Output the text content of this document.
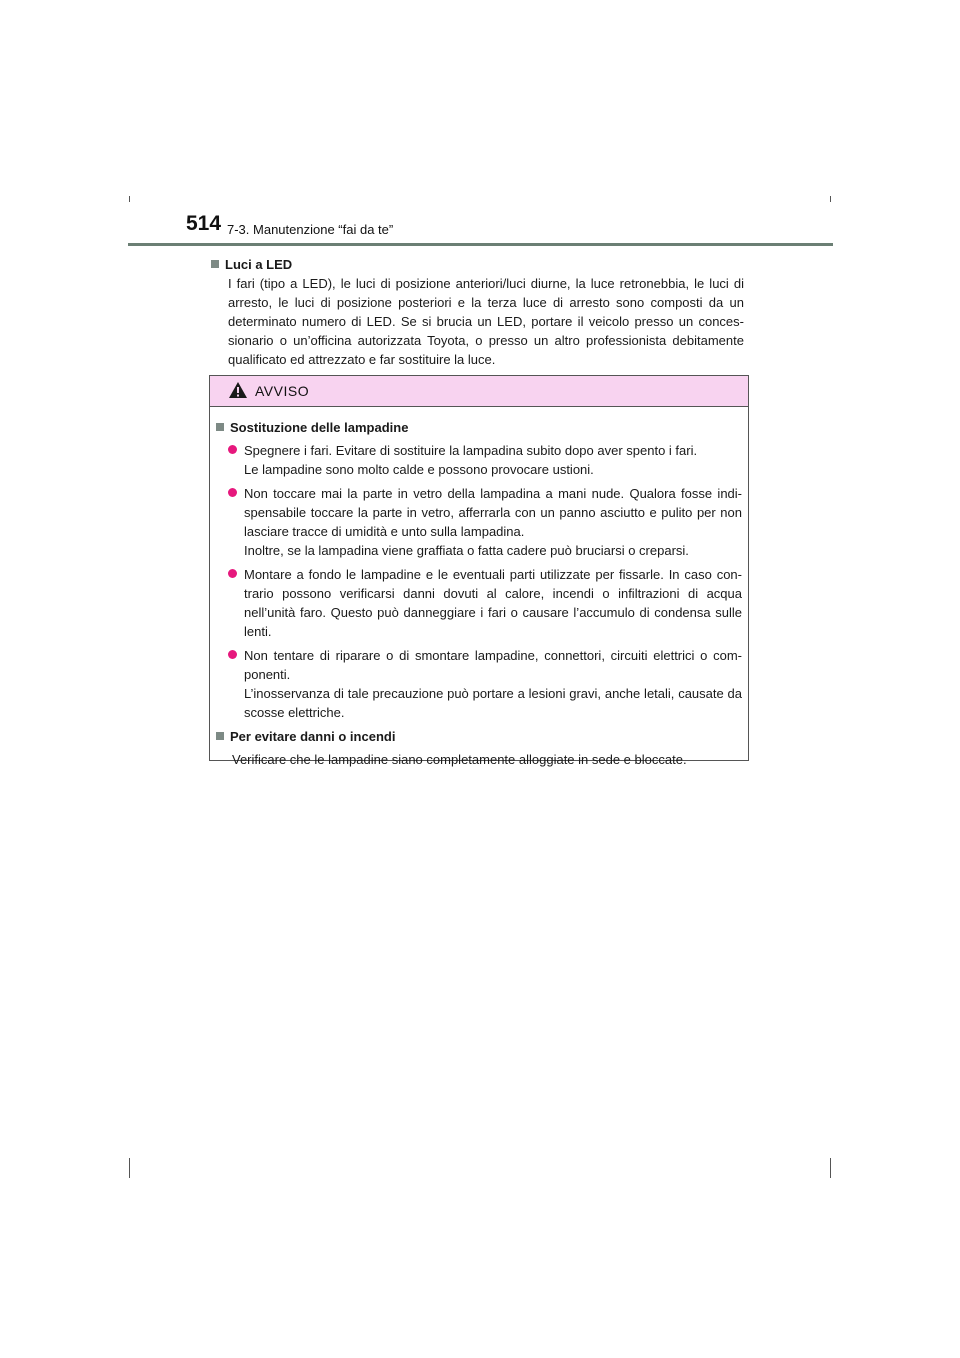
514 7-3. Manutenzione “fai da te”
Luci a LED
I fari (tipo a LED), le luci di posizione anteriori/luci diurne, la luce retronebbia, le luci di arresto, le luci di posizione posteriori e la terza luce di arresto sono composti da un determinato numero di LED. Se si brucia un LED, portare il veicolo presso un conces-sionario o un’officina autorizzata Toyota, o presso un altro professionista debitamente qualificato ed attrezzato e far sostituire la luce.
AVVISO
Sostituzione delle lampadine
Spegnere i fari. Evitare di sostituire la lampadina subito dopo aver spento i fari.
Le lampadine sono molto calde e possono provocare ustioni.
Non toccare mai la parte in vetro della lampadina a mani nude. Qualora fosse indi-spensabile toccare la parte in vetro, afferrarla con un panno asciutto e pulito per non lasciare tracce di umidità e unto sulla lampadina.
Inoltre, se la lampadina viene graffiata o fatta cadere può bruciarsi o creparsi.
Montare a fondo le lampadine e le eventuali parti utilizzate per fissarle. In caso con-trario possono verificarsi danni dovuti al calore, incendi o infiltrazioni di acqua nell’unità faro. Questo può danneggiare i fari o causare l’accumulo di condensa sulle lenti.
Non tentare di riparare o di smontare lampadine, connettori, circuiti elettrici o com-ponenti.
L’inosservanza di tale precauzione può portare a lesioni gravi, anche letali, causate da scosse elettriche.
Per evitare danni o incendi
Verificare che le lampadine siano completamente alloggiate in sede e bloccate.
